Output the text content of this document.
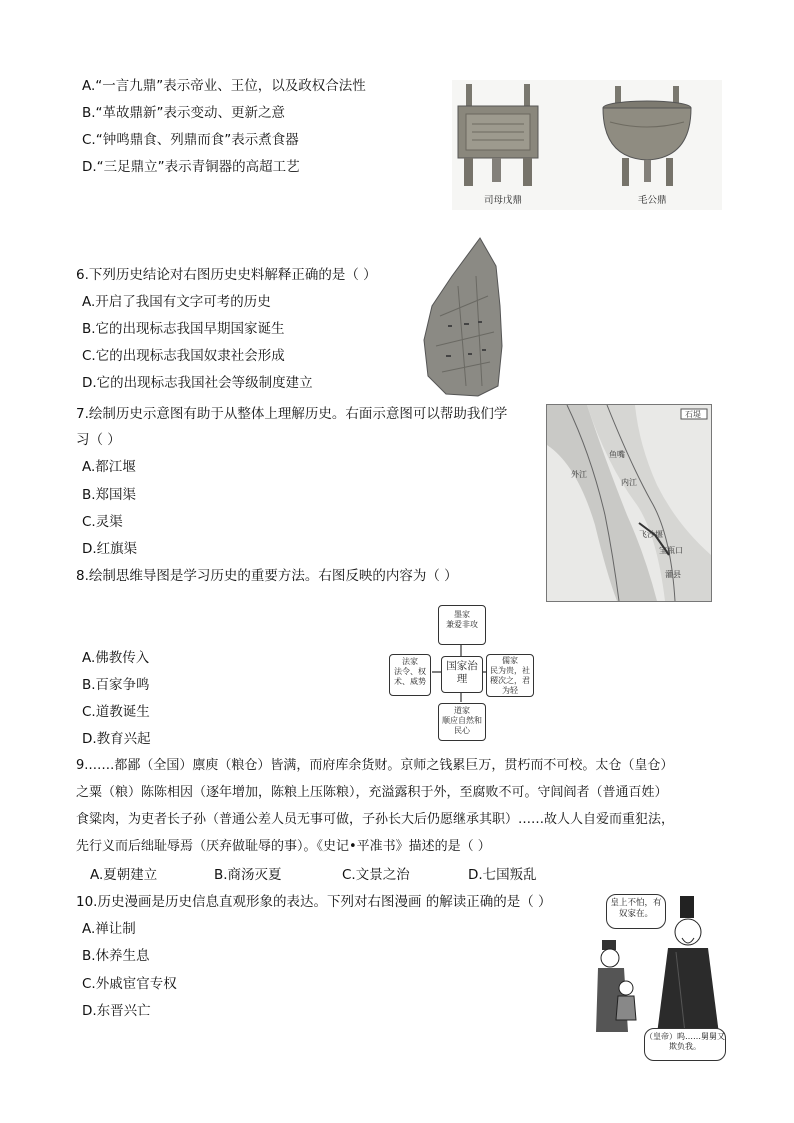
A.“一言九鼎”表示帝业、王位，以及政权合法性
B.“革故鼎新”表示变动、更新之意
C.“钟鸣鼎食、列鼎而食”表示煮食器
D.“三足鼎立”表示青铜器的高超工艺
司母戊鼎	毛公鼎
6.下列历史结论对右图历史史料解释正确的是（ ）
A.开启了我国有文字可考的历史
B.它的出现标志我国早期国家诞生
C.它的出现标志我国奴隶社会形成
D.它的出现标志我国社会等级制度建立
7.绘制历史示意图有助于从整体上理解历史。右面示意图可以帮助我们学
习（ ）
A.都江堰
B.郑国渠
C.灵渠
D.红旗渠
石堤
鱼嘴
外江
内江
飞沙堰
宝瓶口
灌县
8.绘制思维导图是学习历史的重要方法。右图反映的内容为（ ）
A.佛教传入
B.百家争鸣
C.道教诞生
D.教育兴起
墨家
兼爱非攻
法家
法令、权术、威势
国家治理
儒家
民为贵，社稷次之，君为轻
道家
顺应自然和民心
9.……都鄙（全国）廪庾（粮仓）皆满，而府库余货财。京师之钱累巨万，贯朽而不可校。太仓（皇仓）
之粟（粮）陈陈相因（逐年增加，陈粮上压陈粮），充溢露积于外，至腐败不可。守闾阎者（普通百姓）
食粱肉，为吏者长子孙（普通公差人员无事可做，子孙长大后仍愿继承其职）……故人人自爱而重犯法，
先行义而后绌耻辱焉（厌弃做耻辱的事）。《史记•平准书》描述的是（ ）
A.夏朝建立	B.商汤灭夏	C.文景之治	D.七国叛乱
10.历史漫画是历史信息直观形象的表达。下列对右图漫画 的解读正确的是（ ）
A.禅让制
B.休养生息
C.外戚宦官专权
D.东晋兴亡
皇上不怕，有奴家在。
（皇帝）呜……舅舅又欺负我。
